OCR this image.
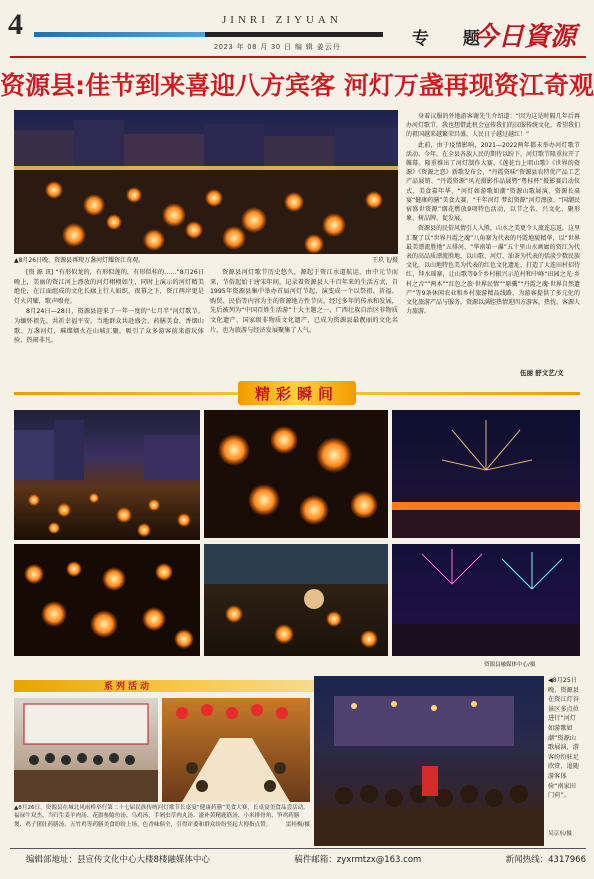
4	JINRI ZIYUAN
2023 年 08 月 30 日 编 辑 姜云丹	专 题
今日資源
资源县:佳节到来喜迎八方宾客 河灯万盏再现资江奇观
▲8月26日晚，资源县再现万盏河灯耀资江奇观。	王玖飞/摄

[资 源 讯] “有形似龙的，有形似莲的，有形似桂的……”8月26日晚上，美丽的资江河上漂放的河灯栩栩如生，同时上演示的河灯精美绝伦，在江面组成的文化长廊上行人如织，夜幕之下，资江两岸更是灯火闪耀，歌声嘹亮。

8月24日—28日，资源县迎来了一年一度的“七月半”河灯歌节。为缅怀祖先、共祈幸福平安，当地群众共赴盛会，药膳美食、香烟山歌、万盏河灯，璀璨烟火在山城汇聚，吸引了众多游客前来游玩体验、热闹非凡。

资源县河灯歌节历史悠久，源起于资江水道航运，由中元节而来，节俗起始于唐宋年间，记录着资源县人千百年来的生活方式，自1995年资源县集中举办首届河灯节起，演变成一个以祭祖、祈福、购贸、民俗等内容为主的资源地方性节庆。经过多年的传承和发展，先后被列为“中国百姓生活游”十大主题之一，广西壮族自治区非物质文化遗产、国家级非物质文化遗产，已成为资源县最靓丽的文化名片，也为旅游与经济发展聚集了人气。

身着汉服的外地游客谢先生介绍道：“因为这是时隔几年后再办河灯歌节，我也想借此机会宣传我们的汉服传统文化，希望我们的祖国越来越繁荣昌盛，人民日子越过越红！”

此前，由于疫情影响，2021—2022两年都未举办河灯歌节活动。今年，在全县各族人民的期待以盼下，河灯歌节隆重拉开了帷幕。隆重推出了河灯制作大赛、《莲花台上唱山歌》《世界的资源》《资源之恋》新歌发布会、“丹霞资味”资源县农特优产品工艺产品展销、“丹霞资源”风光摄影作品展暨“粤桂杯”摄影赛启动仪式、美食嘉年华、“河灯如游歌如潮”资源山歌展演、资源长桌宴“健康药膳”美食大赛、“千年河灯 梦幻资源”河灯漂放、“国潮民宿盛世资源”烟花燃放9项特色活动，以节之名、兴文化、聚形象、树品牌、促发展。

资源县的民俗风情引人入胜，山水之美更令人流连忘返。这里汇聚了以“世界丹霞之魂”八角寨为代表的丹霞地貌精华，以“世界最美漂流胜地”五排河、“华南第一瀑”五十里山水画廊的资江为代表的高品质漂流胜地，以山歌、河灯、油茶为代表的恬淡少数民族文化，以山地特色美为代表的红色文化遗址，打造了大连田村招待红，拜水瑶寨，让山歌等9个乡村振兴示范村和中峰“田园之光·乡村之音”“两木”“红色之旅·世界民情”“原骥”“丹霞之魂·世界自然遗产”等9条休闲农业和乡村旅游精品线路，为游客提供了多元化的文化旅游产品与服务，资源以满腔热情迎四方游客，热忱、客源人力旅游。

伍丽 舒文艺/文
精彩瞬间
资源县融媒体中心/摄
系列活动
▲8月26日，资源县在城北风雨桥举行第二十七届民族传统河灯歌节长桌宴“健康药膳”美食大赛，长桌宴美食品尝活动。福禄牛双杰、当归生姜羊肉汤、花旗参鲶鱼汤、乌鸡汤、手剁虫草肉丸汤、滋补黄精鹿筋汤、小米排骨角、笋鸡药膳煲、鸡子猪肚药膳汤、五竹鸡等药膳美食纷纷上场，色香味俱全，引得评委和群众纷纷竖起大拇指点赞。	雷桂梅/摄
◀8月25日晚，资源县在资江灯谷景区多点位进行“河灯如游歌如潮”资源山歌展演，游客纷纷驻足欣赏，追随游客体验“南家田门荷”。
吴京东/摄
编辑部地址：县宣传文化中心大楼8楼融媒体中心	稿件邮箱：zyxrmtzx@163.com	新闻热线：4317966
